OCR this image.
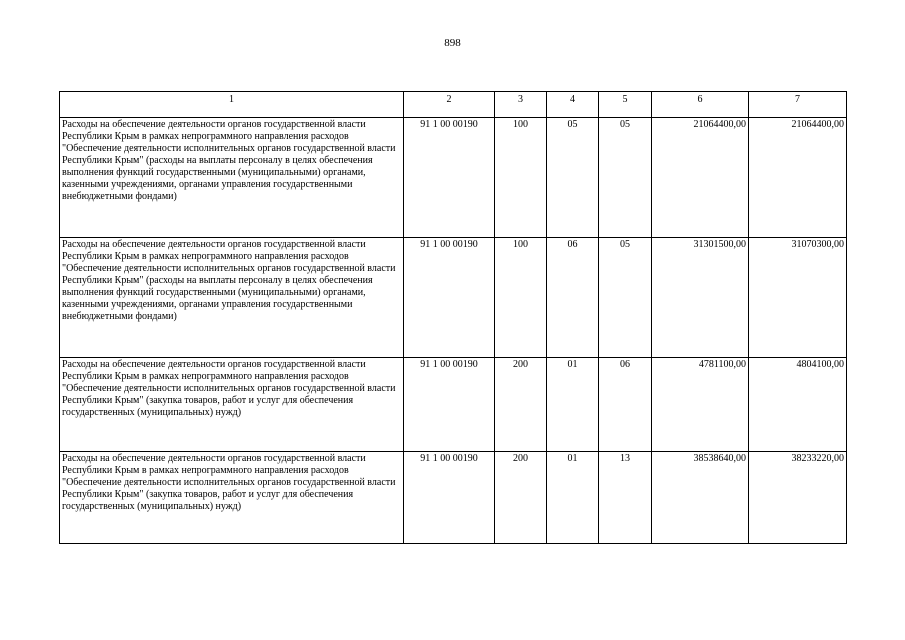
898
1	2	3	4	5	6	7
Расходы на обеспечение деятельности органов государственной власти Республики Крым в рамках непрограммного направления расходов "Обеспечение деятельности исполнительных органов государственной власти Республики Крым" (расходы на выплаты персоналу в целях обеспечения выполнения функций государственными (муниципальными) органами, казенными учреждениями, органами управления государственными внебюджетными фондами)	91 1 00 00190	100	05	05	21064400,00	21064400,00
Расходы на обеспечение деятельности органов государственной власти Республики Крым в рамках непрограммного направления расходов "Обеспечение деятельности исполнительных органов государственной власти Республики Крым" (расходы на выплаты персоналу в целях обеспечения выполнения функций государственными (муниципальными) органами, казенными учреждениями, органами управления государственными внебюджетными фондами)	91 1 00 00190	100	06	05	31301500,00	31070300,00
Расходы на обеспечение деятельности органов государственной власти Республики Крым в рамках непрограммного направления расходов "Обеспечение деятельности исполнительных органов государственной власти Республики Крым" (закупка товаров, работ и услуг для обеспечения государственных (муниципальных) нужд)	91 1 00 00190	200	01	06	4781100,00	4804100,00
Расходы на обеспечение деятельности органов государственной власти Республики Крым в рамках непрограммного направления расходов "Обеспечение деятельности исполнительных органов государственной власти Республики Крым" (закупка товаров, работ и услуг для обеспечения государственных (муниципальных) нужд)	91 1 00 00190	200	01	13	38538640,00	38233220,00
